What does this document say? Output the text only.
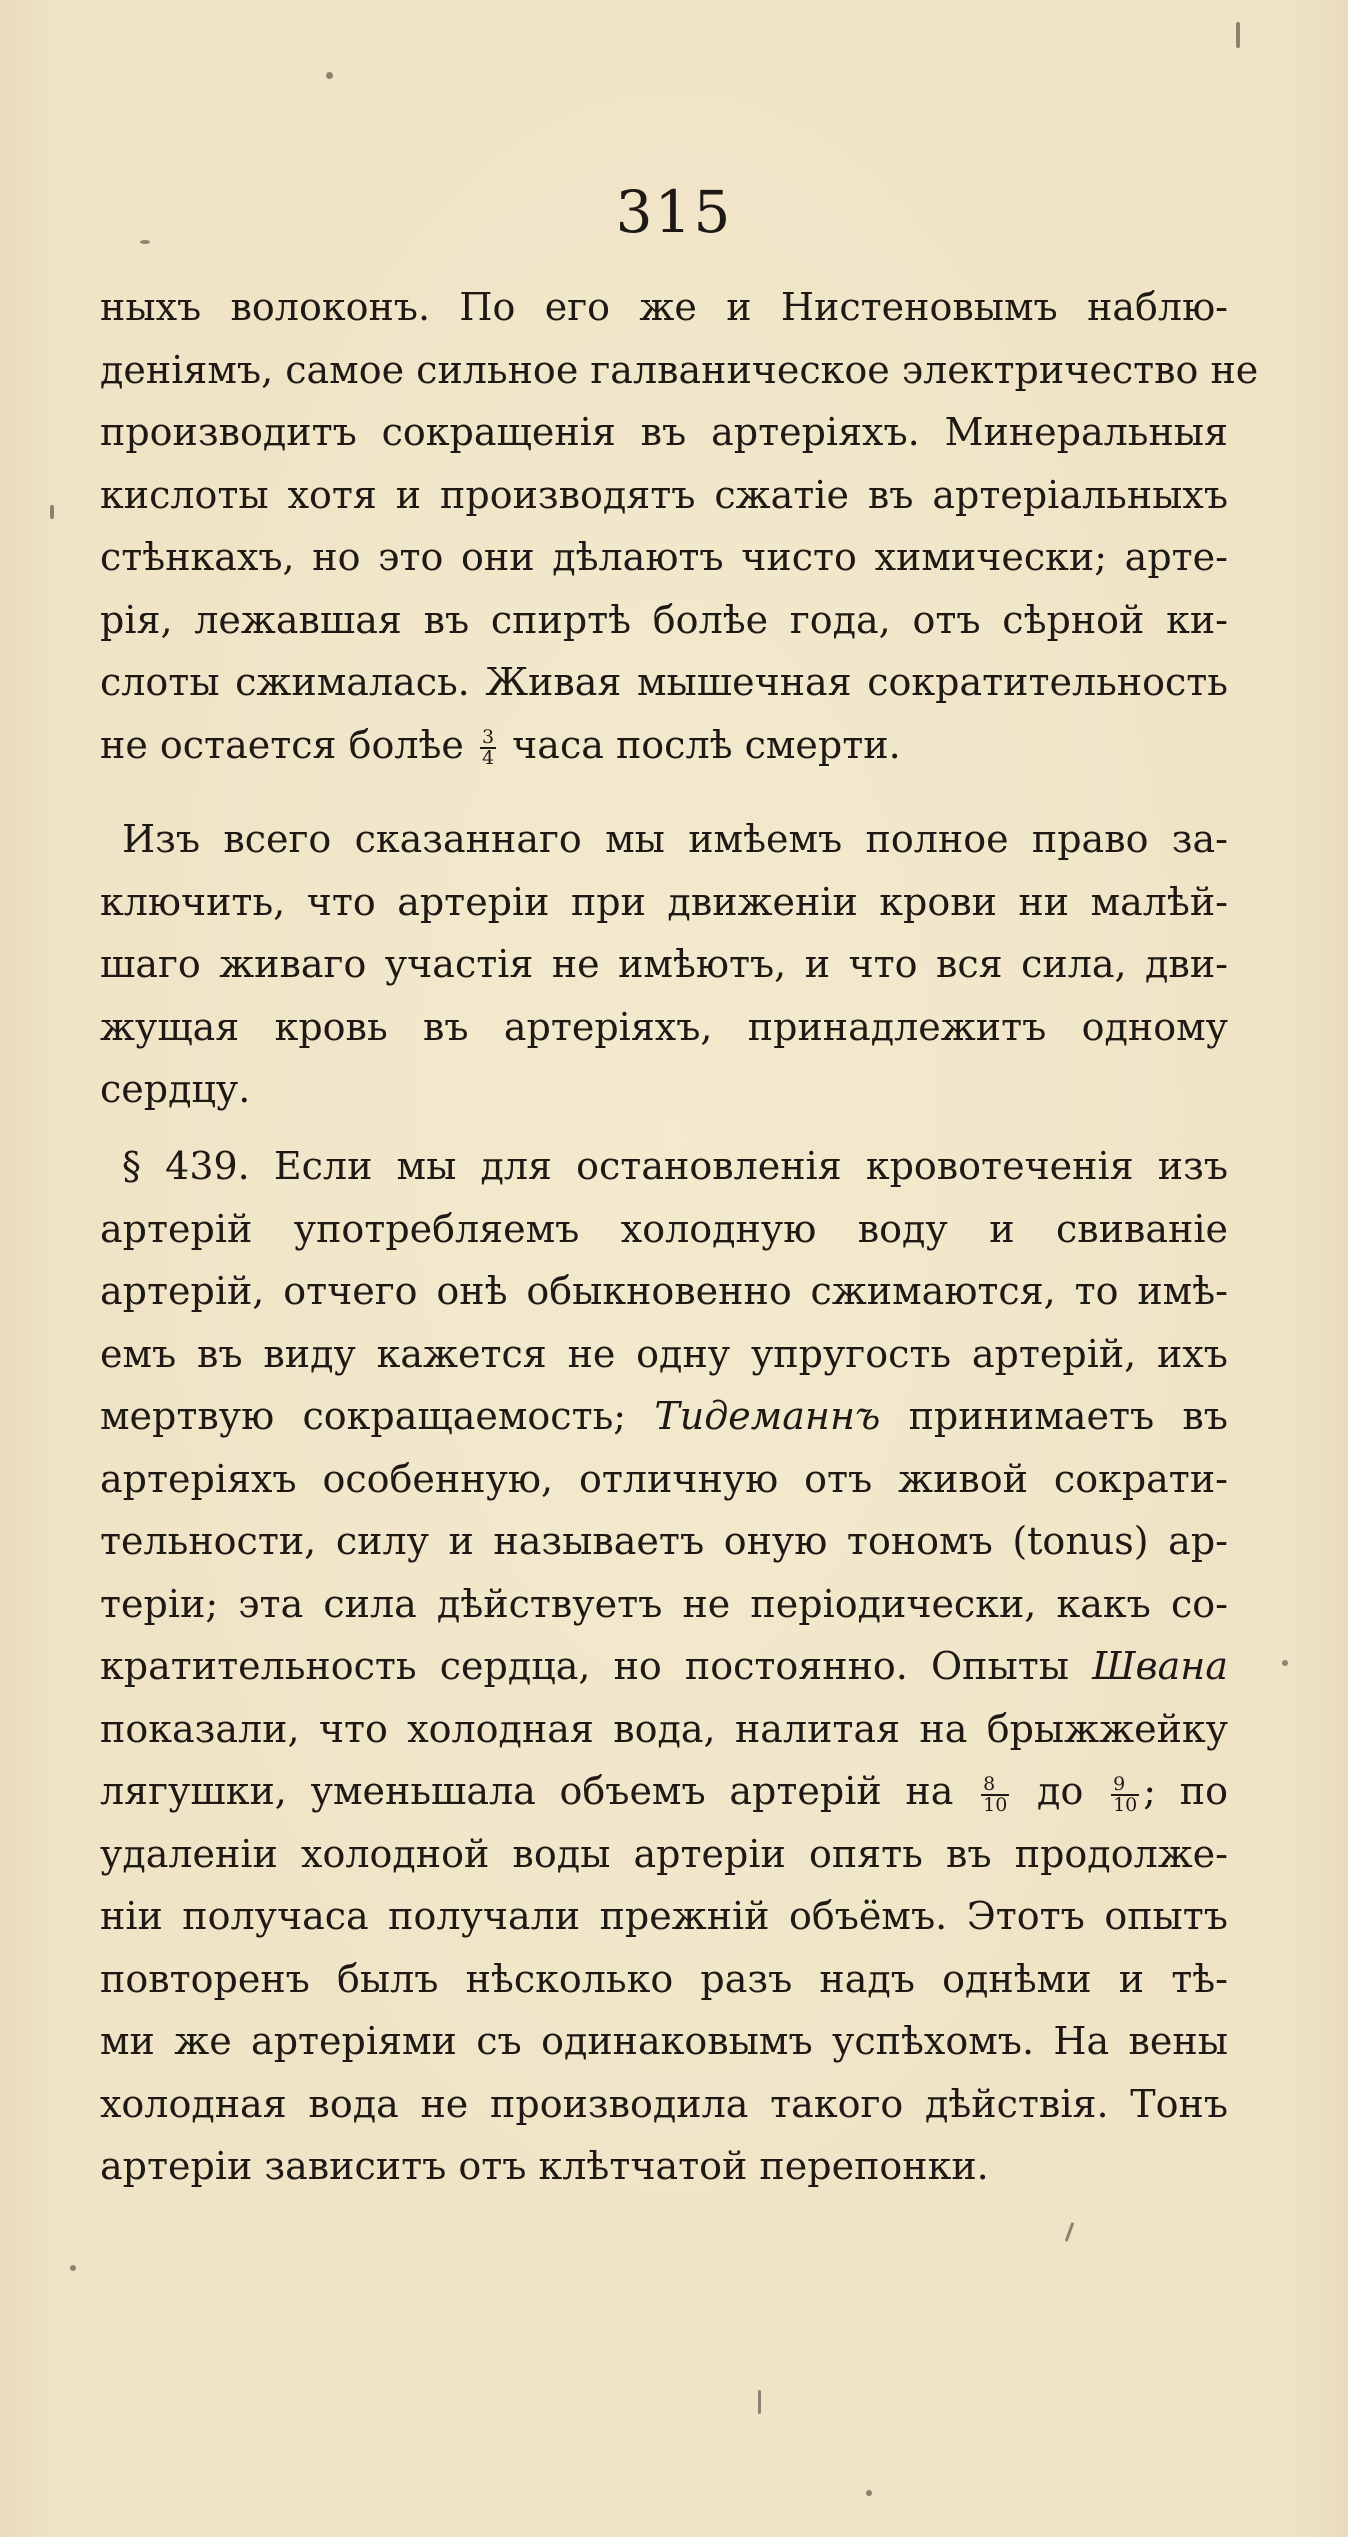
315
ныхъ волоконъ. По его же и Нистеновымъ наблю-
деніямъ, самое сильное галваническое электричество не
производитъ сокращенія въ артеріяхъ. Минеральныя
кислоты хотя и производятъ сжатіе въ артеріальныхъ
стѣнкахъ, но это они дѣлаютъ чисто химически; арте-
рія, лежавшая въ спиртѣ болѣе года, отъ сѣрной ки-
слоты сжималась. Живая мышечная сократительность
не остается болѣе $\frac{3}{4}$ часа послѣ смерти.
Изъ всего сказаннаго мы имѣемъ полное право за-
ключить, что артеріи при движеніи крови ни малѣй-
шаго живаго участія не имѣютъ, и что вся сила, дви-
жущая кровь въ артеріяхъ, принадлежитъ одному
сердцу.
§ 439. Если мы для остановленія кровотеченія изъ
артерій употребляемъ холодную воду и свиваніе
артерій, отчего онѣ обыкновенно сжимаются, то имѣ-
емъ въ виду кажется не одну упругость артерій, ихъ
мертвую сокращаемость; Тидеманнъ принимаетъ въ
артеріяхъ особенную, отличную отъ живой сократи-
тельности, силу и называетъ оную тономъ (tonus) ар-
теріи; эта сила дѣйствуетъ не періодически, какъ со-
кратительность сердца, но постоянно. Опыты Швана
показали, что холодная вода, налитая на брыжжейку
лягушки, уменьшала объемъ артерій на $\frac{8}{10}$ до $\frac{9}{10}$ ; по
удаленіи холодной воды артеріи опять въ продолже-
ніи получаса получали прежній объёмъ. Этотъ опытъ
повторенъ былъ нѣсколько разъ надъ однѣми и тѣ-
ми же артеріями съ одинаковымъ успѣхомъ. На вены
холодная вода не производила такого дѣйствія. Тонъ
артеріи зависитъ отъ клѣтчатой перепонки.
